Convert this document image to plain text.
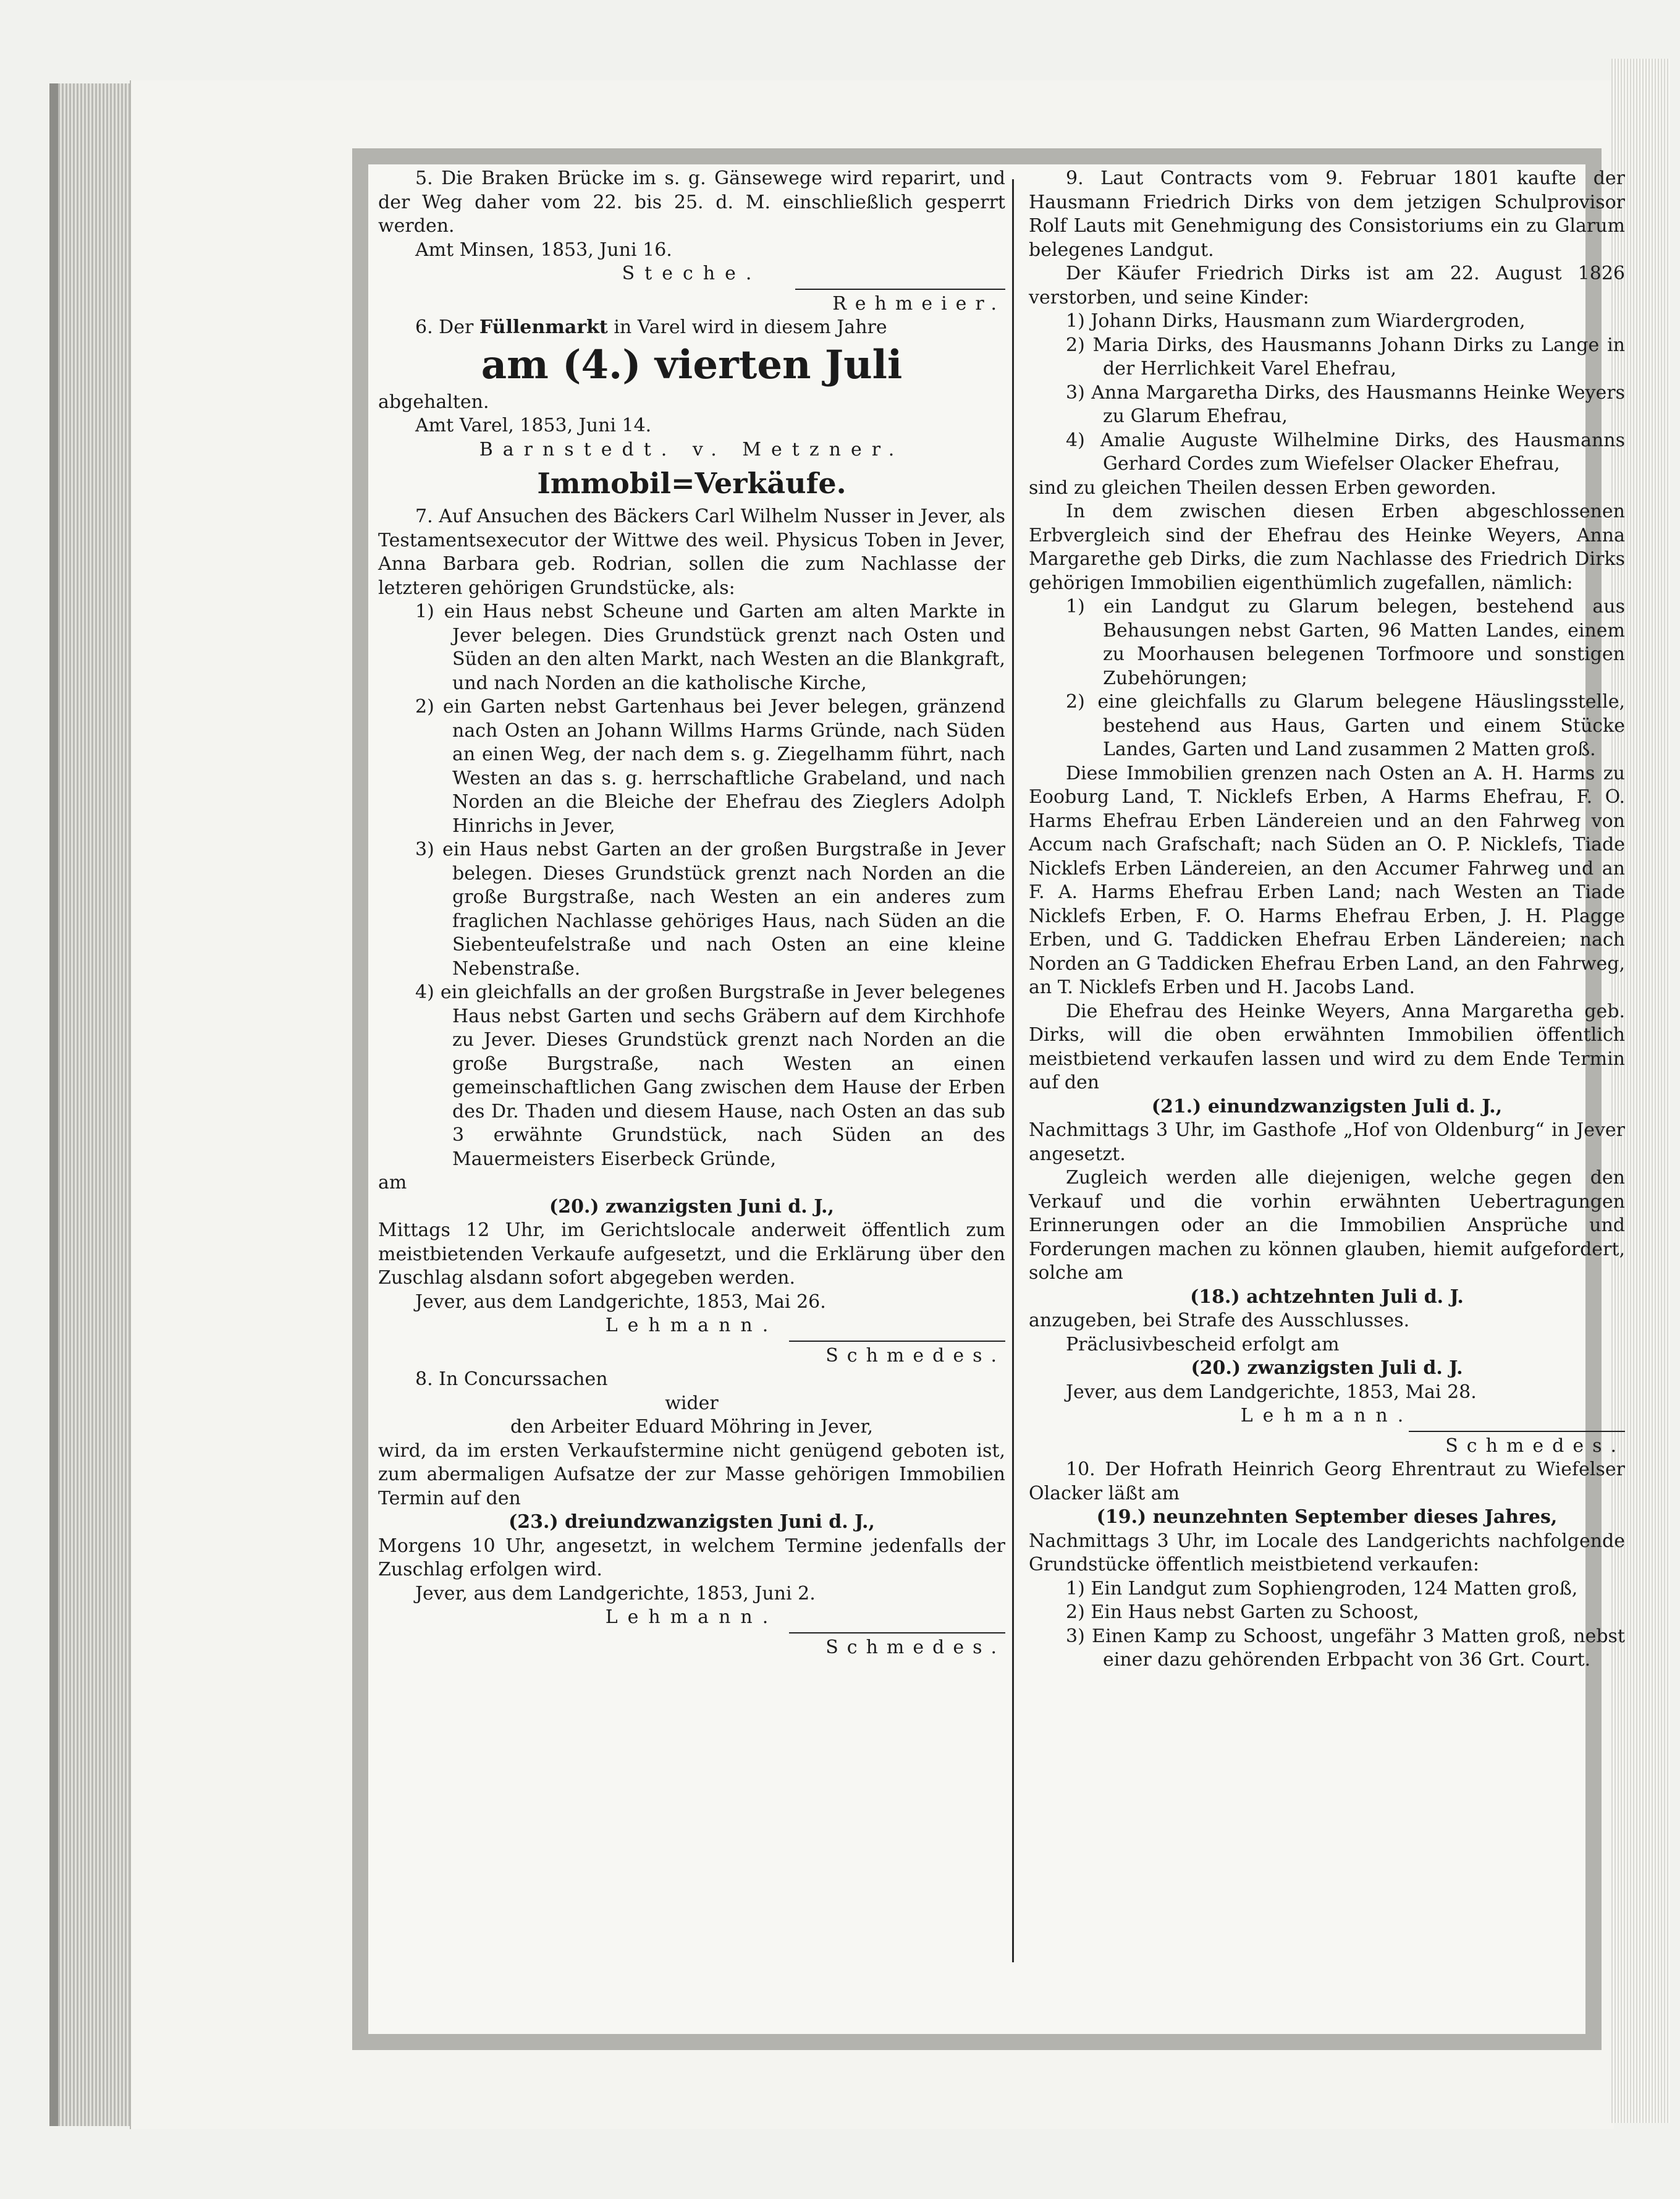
5. Die Braken Brücke im s. g. Gänsewege wird reparirt, und der Weg daher vom 22. bis 25. d. M. einschließlich gesperrt werden.

Amt Minsen, 1853, Juni 16.

Steche.

Rehmeier.

6. Der Füllenmarkt in Varel wird in diesem Jahre

am (4.) vierten Juli

abgehalten.

Amt Varel, 1853, Juni 14.

Barnstedt. v. Metzner.

Immobil=Verkäufe.

7. Auf Ansuchen des Bäckers Carl Wilhelm Nusser in Jever, als Testamentsexecutor der Wittwe des weil. Physicus Toben in Jever, Anna Barbara geb. Rodrian, sollen die zum Nachlasse der letzteren gehörigen Grundstücke, als:

1) ein Haus nebst Scheune und Garten am alten Markte in Jever belegen. Dies Grundstück grenzt nach Osten und Süden an den alten Markt, nach Westen an die Blankgraft, und nach Norden an die katholische Kirche,

2) ein Garten nebst Gartenhaus bei Jever belegen, gränzend nach Osten an Johann Willms Harms Gründe, nach Süden an einen Weg, der nach dem s. g. Ziegelhamm führt, nach Westen an das s. g. herrschaftliche Grabeland, und nach Norden an die Bleiche der Ehefrau des Zieglers Adolph Hinrichs in Jever,

3) ein Haus nebst Garten an der großen Burgstraße in Jever belegen. Dieses Grundstück grenzt nach Norden an die große Burgstraße, nach Westen an ein anderes zum fraglichen Nachlasse gehöriges Haus, nach Süden an die Siebenteufelstraße und nach Osten an eine kleine Nebenstraße.

4) ein gleichfalls an der großen Burgstraße in Jever belegenes Haus nebst Garten und sechs Gräbern auf dem Kirchhofe zu Jever. Dieses Grundstück grenzt nach Norden an die große Burgstraße, nach Westen an einen gemeinschaftlichen Gang zwischen dem Hause der Erben des Dr. Thaden und diesem Hause, nach Osten an das sub 3 erwähnte Grundstück, nach Süden an des Mauermeisters Eiserbeck Gründe,

am

(20.) zwanzigsten Juni d. J.,

Mittags 12 Uhr, im Gerichtslocale anderweit öffentlich zum meistbietenden Verkaufe aufgesetzt, und die Erklärung über den Zuschlag alsdann sofort abgegeben werden.

Jever, aus dem Landgerichte, 1853, Mai 26.

Lehmann.

Schmedes.

8. In Concurssachen

wider

den Arbeiter Eduard Möhring in Jever,

wird, da im ersten Verkaufstermine nicht genügend geboten ist, zum abermaligen Aufsatze der zur Masse gehörigen Immobilien Termin auf den

(23.) dreiundzwanzigsten Juni d. J.,

Morgens 10 Uhr, angesetzt, in welchem Termine jedenfalls der Zuschlag erfolgen wird.

Jever, aus dem Landgerichte, 1853, Juni 2.

Lehmann.

Schmedes.

9. Laut Contracts vom 9. Februar 1801 kaufte der Hausmann Friedrich Dirks von dem jetzigen Schulprovisor Rolf Lauts mit Genehmigung des Consistoriums ein zu Glarum belegenes Landgut.

Der Käufer Friedrich Dirks ist am 22. August 1826 verstorben, und seine Kinder:

1) Johann Dirks, Hausmann zum Wiardergroden,

2) Maria Dirks, des Hausmanns Johann Dirks zu Lange in der Herrlichkeit Varel Ehefrau,

3) Anna Margaretha Dirks, des Hausmanns Heinke Weyers zu Glarum Ehefrau,

4) Amalie Auguste Wilhelmine Dirks, des Hausmanns Gerhard Cordes zum Wiefelser Olacker Ehefrau,

sind zu gleichen Theilen dessen Erben geworden.

In dem zwischen diesen Erben abgeschlossenen Erbvergleich sind der Ehefrau des Heinke Weyers, Anna Margarethe geb Dirks, die zum Nachlasse des Friedrich Dirks gehörigen Immobilien eigenthümlich zugefallen, nämlich:

1) ein Landgut zu Glarum belegen, bestehend aus Behausungen nebst Garten, 96 Matten Landes, einem zu Moorhausen belegenen Torfmoore und sonstigen Zubehörungen;

2) eine gleichfalls zu Glarum belegene Häuslingsstelle, bestehend aus Haus, Garten und einem Stücke Landes, Garten und Land zusammen 2 Matten groß.

Diese Immobilien grenzen nach Osten an A. H. Harms zu Eooburg Land, T. Nicklefs Erben, A Harms Ehefrau, F. O. Harms Ehefrau Erben Ländereien und an den Fahrweg von Accum nach Grafschaft; nach Süden an O. P. Nicklefs, Tiade Nicklefs Erben Ländereien, an den Accumer Fahrweg und an F. A. Harms Ehefrau Erben Land; nach Westen an Tiade Nicklefs Erben, F. O. Harms Ehefrau Erben, J. H. Plagge Erben, und G. Taddicken Ehefrau Erben Ländereien; nach Norden an G Taddicken Ehefrau Erben Land, an den Fahrweg, an T. Nicklefs Erben und H. Jacobs Land.

Die Ehefrau des Heinke Weyers, Anna Margaretha geb. Dirks, will die oben erwähnten Immobilien öffentlich meistbietend verkaufen lassen und wird zu dem Ende Termin auf den

(21.) einundzwanzigsten Juli d. J.,

Nachmittags 3 Uhr, im Gasthofe „Hof von Oldenburg“ in Jever angesetzt.

Zugleich werden alle diejenigen, welche gegen den Verkauf und die vorhin erwähnten Uebertragungen Erinnerungen oder an die Immobilien Ansprüche und Forderungen machen zu können glauben, hiemit aufgefordert, solche am

(18.) achtzehnten Juli d. J.

anzugeben, bei Strafe des Ausschlusses.

Präclusivbescheid erfolgt am

(20.) zwanzigsten Juli d. J.

Jever, aus dem Landgerichte, 1853, Mai 28.

Lehmann.

Schmedes.

10. Der Hofrath Heinrich Georg Ehrentraut zu Wiefelser Olacker läßt am

(19.) neunzehnten September dieses Jahres,

Nachmittags 3 Uhr, im Locale des Landgerichts nachfolgende Grundstücke öffentlich meistbietend verkaufen:

1) Ein Landgut zum Sophiengroden, 124 Matten groß,

2) Ein Haus nebst Garten zu Schoost,

3) Einen Kamp zu Schoost, ungefähr 3 Matten groß, nebst einer dazu gehörenden Erbpacht von 36 Grt. Court.
